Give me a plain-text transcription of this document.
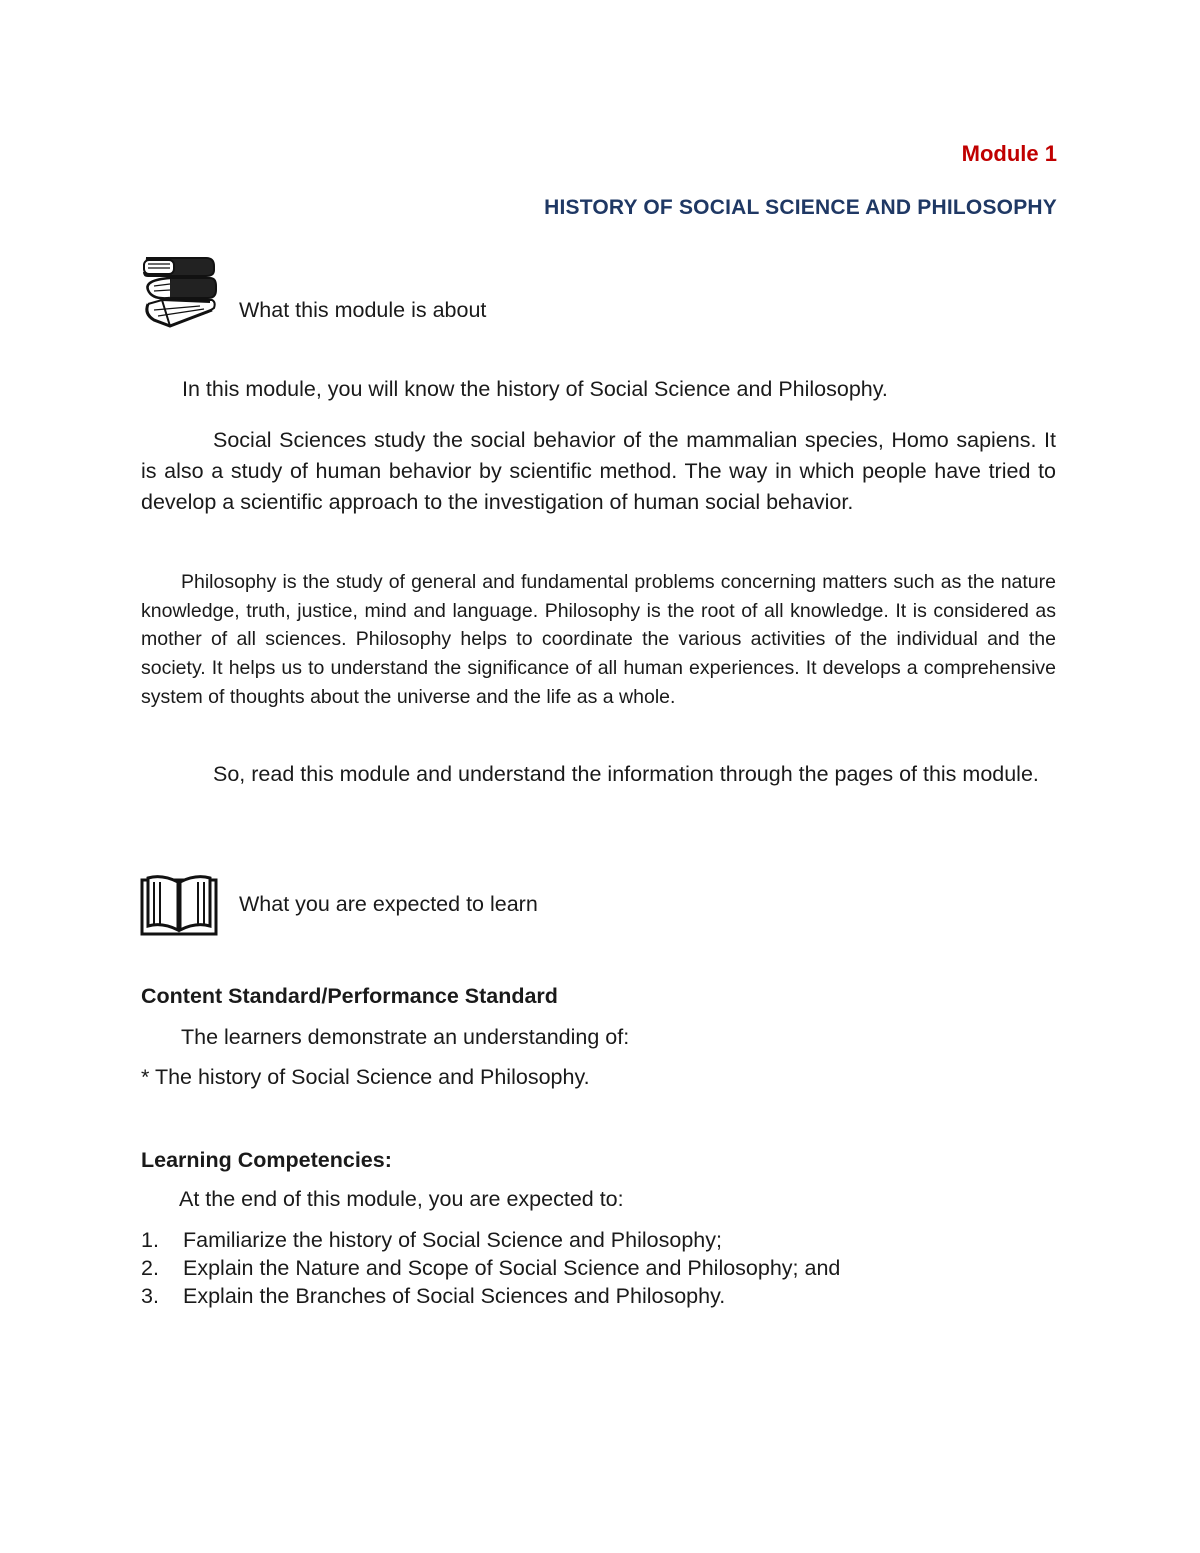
Module 1
HISTORY OF SOCIAL SCIENCE AND PHILOSOPHY
What this module is about

In this module, you will know the history of Social Science and Philosophy.

Social Sciences study the social behavior of the mammalian species, Homo sapiens. It is also a study of human behavior by scientific method. The way in which people have tried to develop a scientific approach to the investigation of human social behavior.

Philosophy is the study of general and fundamental problems concerning matters such as the nature knowledge, truth, justice, mind and language. Philosophy is the root of all knowledge. It is considered as mother of all sciences. Philosophy helps to coordinate the various activities of the individual and the society. It helps us to understand the significance of all human experiences. It develops a comprehensive system of thoughts about the universe and the life as a whole.

So, read this module and understand the information through the pages of this module.

What you are expected to learn
Content Standard/Performance Standard
The learners demonstrate an understanding of:
* The history of Social Science and Philosophy.
Learning Competencies:
At the end of this module, you are expected to:
1. Familiarize the history of Social Science and Philosophy;
2. Explain the Nature and Scope of Social Science and Philosophy; and
3. Explain the Branches of Social Sciences and Philosophy.
